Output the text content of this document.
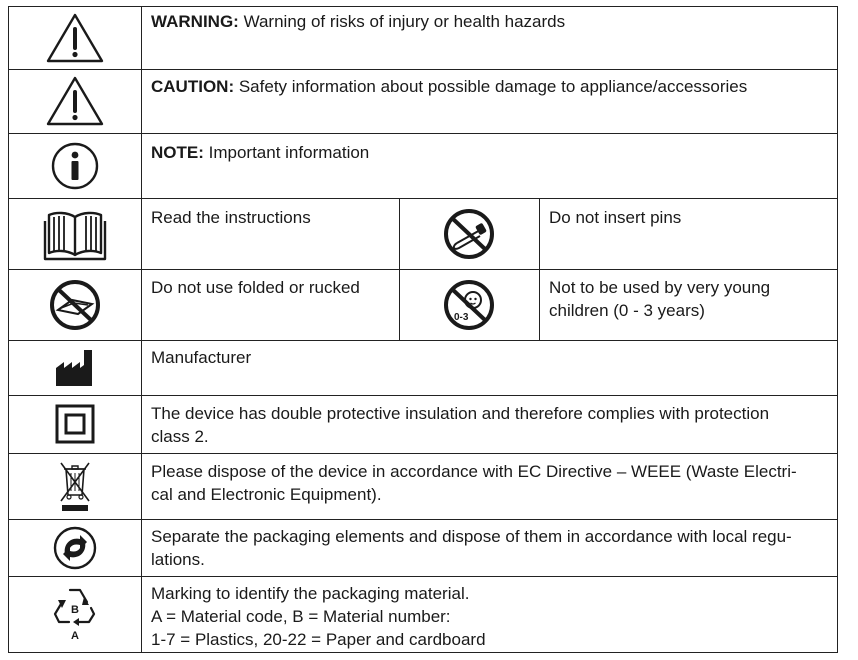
WARNING: Warning of risks of injury or health hazards
CAUTION: Safety information about possible damage to appliance/accessories
NOTE: Important information
Read the instructions	Do not insert pins
Do not use folded or rucked
0-3
Not to be used by very young
children (0 - 3 years)
Manufacturer
The device has double protective insulation and therefore complies with protection
class 2.
Please dispose of the device in accordance with EC Directive – WEEE (Waste Electri-
cal and Electronic Equipment).
Separate the packaging elements and dispose of them in accordance with local regu-
lations.
B
A
Marking to identify the packaging material.
A = Material code, B = Material number:
1-7 = Plastics, 20-22 = Paper and cardboard
